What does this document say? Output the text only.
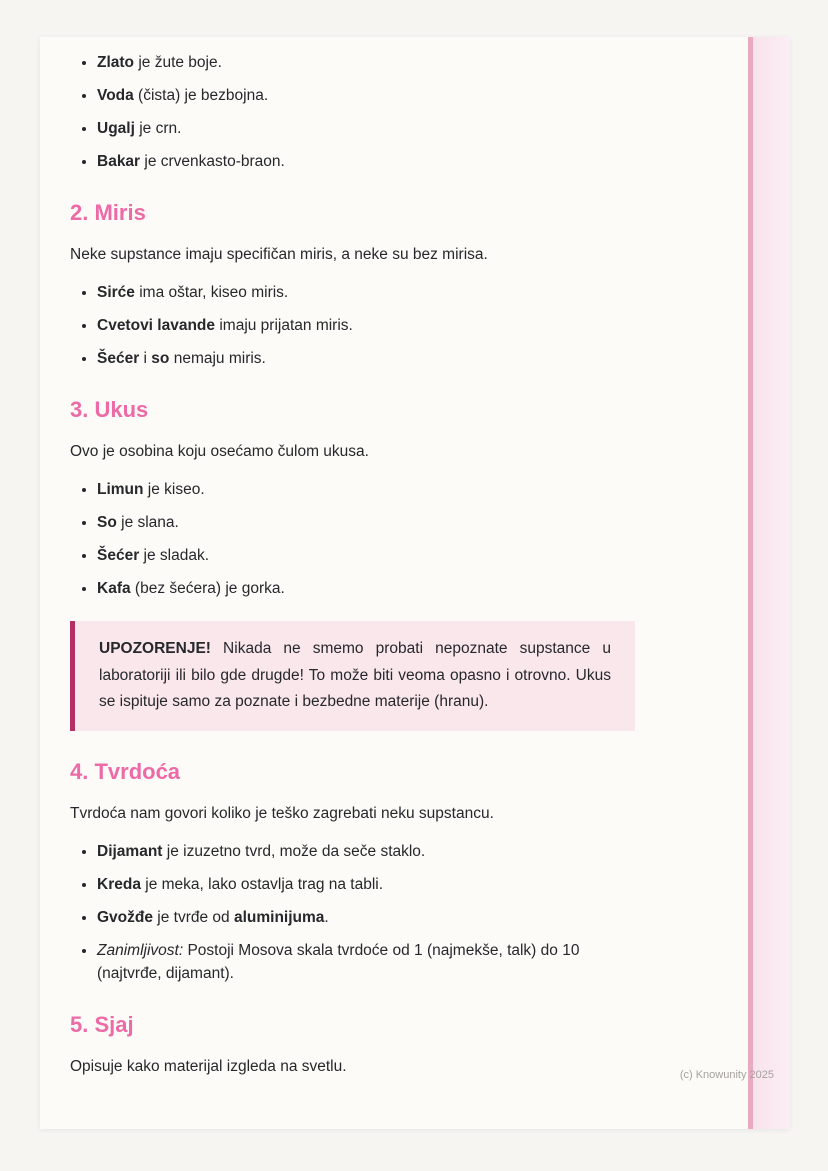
• Zlato je žute boje.
• Voda (čista) je bezbojna.
• Ugalj je crn.
• Bakar je crvenkasto-braon.
2. Miris

Neke supstance imaju specifičan miris, a neke su bez mirisa.

• Sirće ima oštar, kiseo miris.
• Cvetovi lavande imaju prijatan miris.
• Šećer i so nemaju miris.
3. Ukus

Ovo je osobina koju osećamo čulom ukusa.

• Limun je kiseo.
• So je slana.
• Šećer je sladak.
• Kafa (bez šećera) je gorka.
UPOZORENJE! Nikada ne smemo probati nepoznate supstance u laboratoriji ili bilo gde drugde! To može biti veoma opasno i otrovno. Ukus se ispituje samo za poznate i bezbedne materije (hranu).
4. Tvrdoća

Tvrdoća nam govori koliko je teško zagrebati neku supstancu.

• Dijamant je izuzetno tvrd, može da seče staklo.
• Kreda je meka, lako ostavlja trag na tabli.
• Gvožđe je tvrđe od aluminijuma.
• Zanimljivost: Postoji Mosova skala tvrdoće od 1 (najmekše, talk) do 10 (najtvrđe, dijamant).
5. Sjaj

Opisuje kako materijal izgleda na svetlu.

(c) Knowunity 2025
